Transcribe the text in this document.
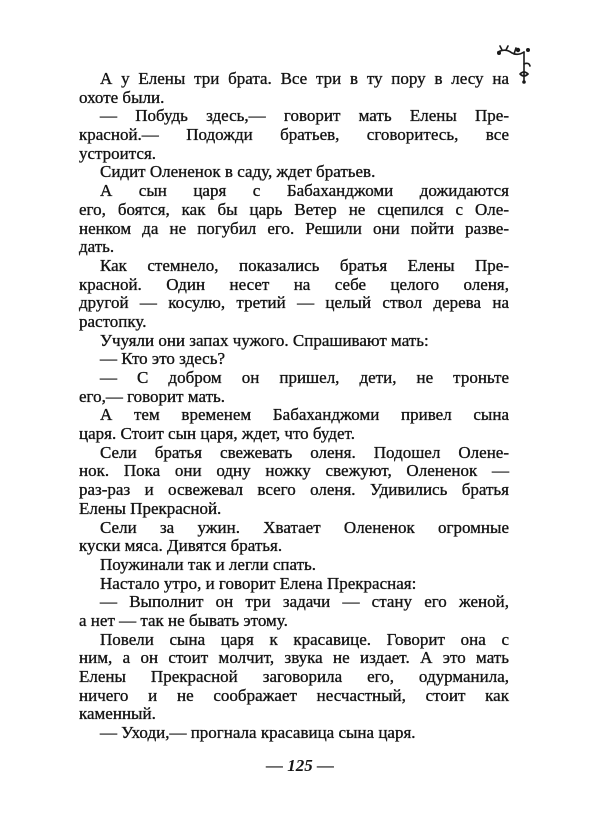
А у Елены три брата. Все три в ту пору в лесу на
охоте были.
— Побудь здесь,— говорит мать Елены Пре-
красной.— Подожди братьев, сговоритесь, все
устроится.
Сидит Олененок в саду, ждет братьев.
А сын царя с Бабаханджоми дожидаются
его, боятся, как бы царь Ветер не сцепился с Оле-
ненком да не погубил его. Решили они пойти разве-
дать.
Как стемнело, показались братья Елены Пре-
красной. Один несет на себе целого оленя,
другой — косулю, третий — целый ствол дерева на
растопку.
Учуяли они запах чужого. Спрашивают мать:
— Кто это здесь?
— С добром он пришел, дети, не троньте
его,— говорит мать.
А тем временем Бабаханджоми привел сына
царя. Стоит сын царя, ждет, что будет.
Сели братья свежевать оленя. Подошел Олене-
нок. Пока они одну ножку свежуют, Олененок —
раз-раз и освежевал всего оленя. Удивились братья
Елены Прекрасной.
Сели за ужин. Хватает Олененок огромные
куски мяса. Дивятся братья.
Поужинали так и легли спать.
Настало утро, и говорит Елена Прекрасная:
— Выполнит он три задачи — стану его женой,
а нет — так не бывать этому.
Повели сына царя к красавице. Говорит она с
ним, а он стоит молчит, звука не издает. А это мать
Елены Прекрасной заговорила его, одурманила,
ничего и не соображает несчастный, стоит как
каменный.
— Уходи,— прогнала красавица сына царя.
— 125 —
